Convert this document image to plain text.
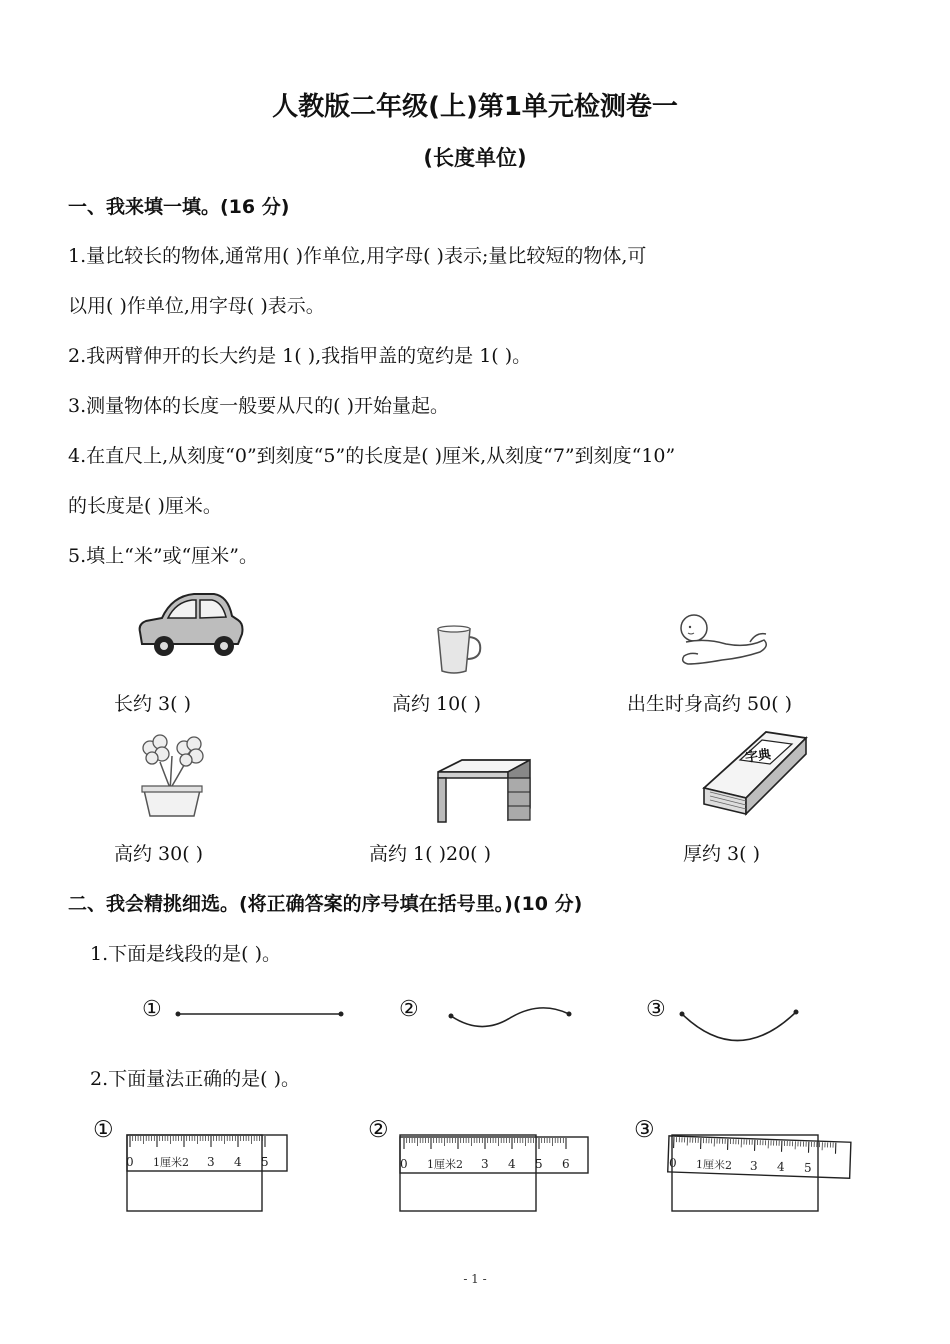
人教版二年级(上)第1单元检测卷一
(长度单位)
一、我来填一填。(16 分)
1.量比较长的物体,通常用( )作单位,用字母( )表示;量比较短的物体,可
以用( )作单位,用字母( )表示。
2.我两臂伸开的长大约是 1( ),我指甲盖的宽约是 1( )。
3.测量物体的长度一般要从尺的( )开始量起。
4.在直尺上,从刻度“0”到刻度“5”的长度是( )厘米,从刻度“7”到刻度“10”
的长度是( )厘米。
5.填上“米”或“厘米”。
长约 3( )	高约 10( )	出生时身高约 50( )
高约 30( )	高约 1( )20( )
字典
厚约 3( )
二、我会精挑细选。(将正确答案的序号填在括号里。)(10 分)
1.下面是线段的是( )。
①	②	③
2.下面量法正确的是( )。
①	②	③
0 1厘米2 3 4 5	0 1厘米2 3 4 5 6	0 1厘米2 3 4 5
- 1 -
